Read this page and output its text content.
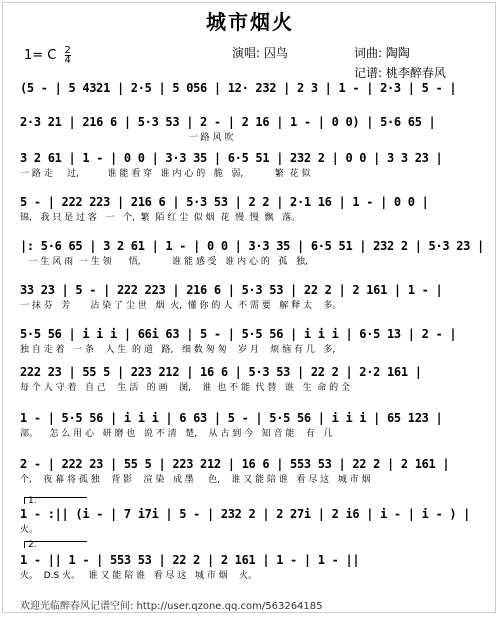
城市烟火
1= C $\frac{2}{4}$	演唱: 囚鸟	词曲: 陶陶
记谱: 桃李醉春风
(5 - | 5 4321 | 2·5 | 5 056 | 12· 232 | 2 3 | 1 - | 2·3 | 5 - |
2·3 21 | 216 6 | 5·3 53 | 2 - | 2 16 | 1 - | 0 0) | 5·6 65 |
一 路 风 吹
3 2 61 | 1 - | 0 0 | 3·3 35 | 6·5 51 | 232 2 | 0 0 | 3 3 23 |
一 路 走     过,          谁 能 看 穿   谁 内 心 的   脆   弱,           繁  花 似
5 - | 222 223 | 216 6 | 5·3 53 | 2 2 | 2·1 16 | 1 - | 0 0 |
锦,   我 只 是 过 客   一   个,  繁  陌 红 尘  似 烟  花  慢  慢  飘   落。
|: 5·6 65 | 3 2 61 | 1 - | 0 0 | 3·3 35 | 6·5 51 | 232 2 | 5·3 23 |
一 生 风 雨  一 生 领      悟,           谁 能 感 受   谁 内 心 的   孤   独,
33 23 | 5 - | 222 223 | 216 6 | 5·3 53 | 22 2 | 2 161 | 1 - |
一 抹 芬   芳       沾 染 了 尘 世   烟  火,  懂 你 的 人  不 需 要   解 释 太    多。
5·5 56 | i i i | 66i 63 | 5 - | 5·5 56 | i i i | 6·5 13 | 2 - |
独 自 走 着   一 条    人 生  的 道   路,   细 数 匆 匆    岁 月    烦 恼 有 几   多,
222 23 | 55 5 | 223 212 | 16 6 | 5·3 53 | 22 2 | 2·2 161 |
每 个 人 守 着   自 己    生 活   的 画    图,    谁  也 不 能  代 替   谁   生  命 的 全
1 - | 5·5 56 | i i i | 6 63 | 5 - | 5·5 56 | i i i | 65 123 |
部。    怎 么 用 心   研 磨 也   说 不 清   楚,    从 古 到 今   知 音 能    有   几
2 - | 222 23 | 55 5 | 223 212 | 16 6 | 553 53 | 22 2 | 2 161 |
个,    夜 幕 将 孤 独    背 影    渲 染   成 墨     色,    谁 又 能 陪 谁   看 尽 这   城 市 烟
1.
1 - :|| (i - | 7 i7i | 5 - | 232 2 | 2 27i | 2 i6 | i - | i - ) |
火。
2.
1 - || 1 - | 553 53 | 22 2 | 2 161 | 1 - | 1 - ||
火。  D.S 火。   谁 又 能 陪 谁   看 尽 这   城 市 烟    火。
欢迎光临醉春风记谱空间: http://user.qzone.qq.com/563264185
